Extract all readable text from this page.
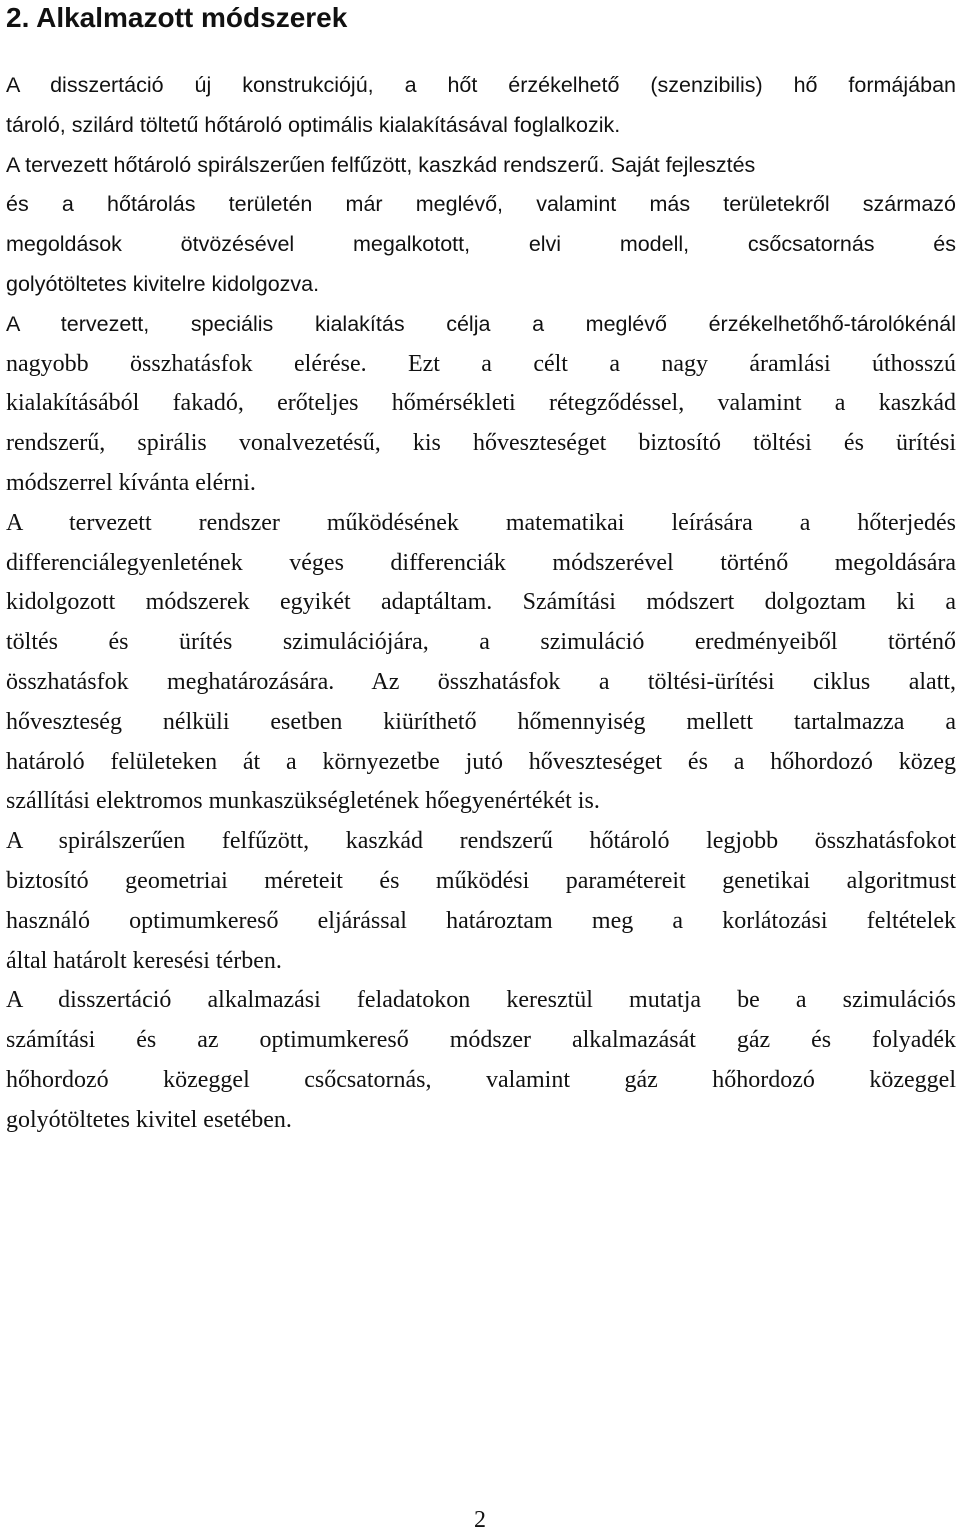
2. Alkalmazott módszerek

A disszertáció új konstrukciójú, a hőt érzékelhető (szenzibilis) hő formájában
tároló, szilárd töltetű hőtároló optimális kialakításával foglalkozik.
A tervezett hőtároló spirálszerűen felfűzött, kaszkád rendszerű. Saját fejlesztés
és a hőtárolás területén már meglévő, valamint más területekről származó
megoldások ötvözésével megalkotott, elvi modell, csőcsatornás és
golyótöltetes kivitelre kidolgozva.

A tervezett, speciális kialakítás célja a meglévő érzékelhetőhő-tárolókénál
nagyobb összhatásfok elérése. Ezt a célt a nagy áramlási úthosszú
kialakításából fakadó, erőteljes hőmérsékleti rétegződéssel, valamint a kaszkád
rendszerű, spirális vonalvezetésű, kis hőveszteséget biztosító töltési és ürítési
módszerrel kívánta elérni.

A tervezett rendszer működésének matematikai leírására a hőterjedés
differenciálegyenletének véges differenciák módszerével történő megoldására
kidolgozott módszerek egyikét adaptáltam. Számítási módszert dolgoztam ki a
töltés és ürítés szimulációjára, a szimuláció eredményeiből történő
összhatásfok meghatározására. Az összhatásfok a töltési-ürítési ciklus alatt,
hőveszteség nélküli esetben kiüríthető hőmennyiség mellett tartalmazza a
határoló felületeken át a környezetbe jutó hőveszteséget és a hőhordozó közeg
szállítási elektromos munkaszükségletének hőegyenértékét is.

A spirálszerűen felfűzött, kaszkád rendszerű hőtároló legjobb összhatásfokot
biztosító geometriai méreteit és működési paramétereit genetikai algoritmust
használó optimumkereső eljárással határoztam meg a korlátozási feltételek
által határolt keresési térben.

A disszertáció alkalmazási feladatokon keresztül mutatja be a szimulációs
számítási és az optimumkereső módszer alkalmazását gáz és folyadék
hőhordozó közeggel csőcsatornás, valamint gáz hőhordozó közeggel
golyótöltetes kivitel esetében.

2
